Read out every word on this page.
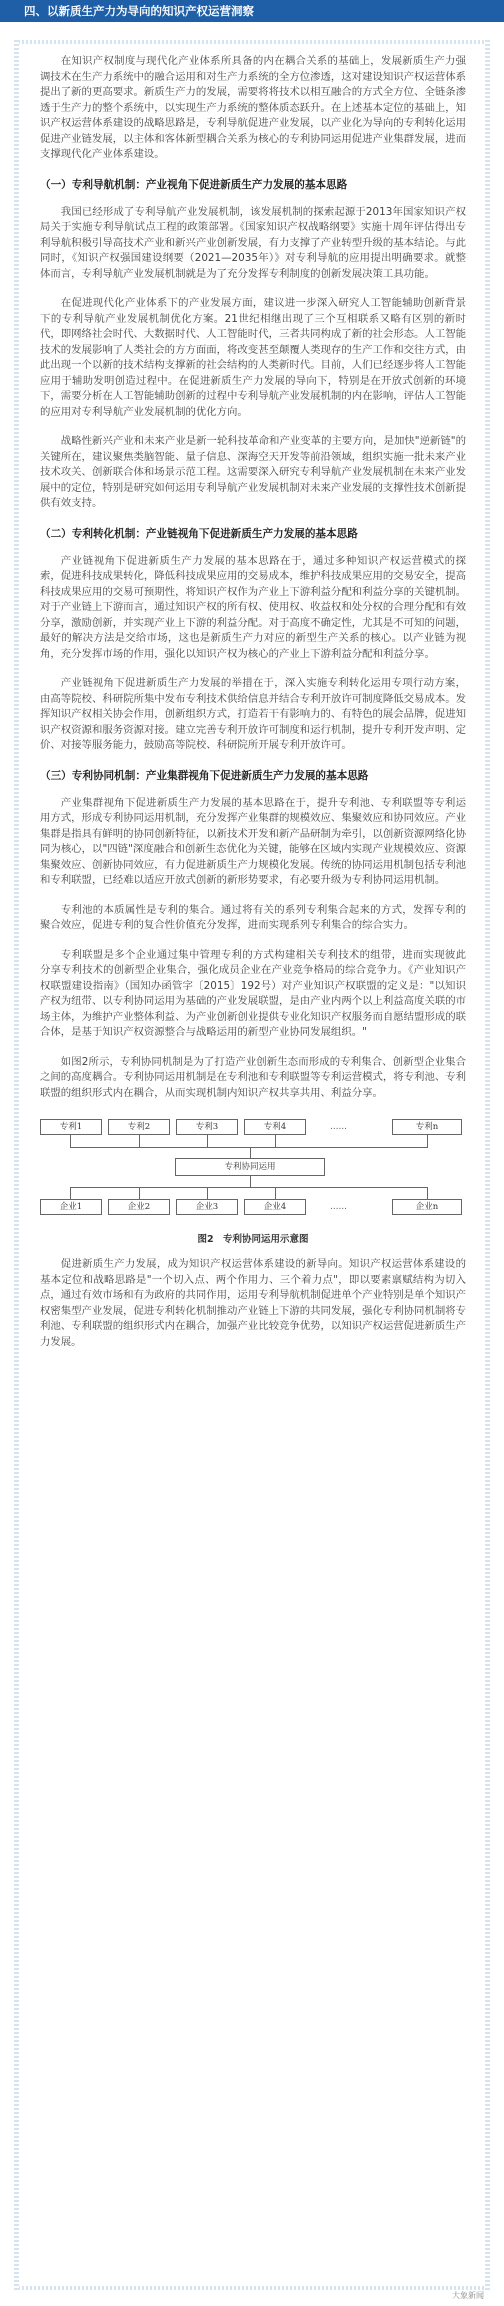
四、以新质生产力为导向的知识产权运营洞察

在知识产权制度与现代化产业体系所具备的内在耦合关系的基础上，发展新质生产力强调技术在生产力系统中的融合运用和对生产力系统的全方位渗透，这对建设知识产权运营体系提出了新的更高要求。新质生产力的发展，需要将将技术以相互融合的方式全方位、全链条渗透于生产力的整个系统中，以实现生产力系统的整体质态跃升。在上述基本定位的基础上，知识产权运营体系建设的战略思路是，专利导航促进产业发展，以产业化为导向的专利转化运用促进产业链发展，以主体和客体新型耦合关系为核心的专利协同运用促进产业集群发展，进而支撑现代化产业体系建设。

（一）专利导航机制：产业视角下促进新质生产力发展的基本思路

我国已经形成了专利导航产业发展机制，该发展机制的探索起源于2013年国家知识产权局关于实施专利导航试点工程的政策部署。《国家知识产权战略纲要》实施十周年评估得出专利导航积极引导高技术产业和新兴产业创新发展，有力支撑了产业转型升级的基本结论。与此同时，《知识产权强国建设纲要（2021—2035年）》对专利导航的应用提出明确要求。就整体而言，专利导航产业发展机制就是为了充分发挥专利制度的创新发展决策工具功能。

在促进现代化产业体系下的产业发展方面，建议进一步深入研究人工智能辅助创新背景下的专利导航产业发展机制优化方案。21世纪相继出现了三个互相联系又略有区别的新时代，即网络社会时代、大数据时代、人工智能时代，三者共同构成了新的社会形态。人工智能技术的发展影响了人类社会的方方面面，将改变甚至颠覆人类现存的生产工作和交往方式，由此出现一个以新的技术结构支撑新的社会结构的人类新时代。目前，人们已经逐步将人工智能应用于辅助发明创造过程中。在促进新质生产力发展的导向下，特别是在开放式创新的环境下，需要分析在人工智能辅助创新的过程中专利导航产业发展机制的内在影响，评估人工智能的应用对专利导航产业发展机制的优化方向。

战略性新兴产业和未来产业是新一轮科技革命和产业变革的主要方向，是加快"逆新链"的关键所在，建议聚焦类脑智能、量子信息、深海空天开发等前沿领域，组织实施一批未来产业技术攻关、创新联合体和场景示范工程。这需要深入研究专利导航产业发展机制在未来产业发展中的定位，特别是研究如何运用专利导航产业发展机制对未来产业发展的支撑性技术创新提供有效支持。

（二）专利转化机制：产业链视角下促进新质生产力发展的基本思路

产业链视角下促进新质生产力发展的基本思路在于，通过多种知识产权运营模式的探索，促进科技成果转化，降低科技成果应用的交易成本，维护科技成果应用的交易安全，提高科技成果应用的交易可预期性，将知识产权作为产业上下游利益分配和利益分享的关键机制。对于产业链上下游而言，通过知识产权的所有权、使用权、收益权和处分权的合理分配和有效分享，激励创新，并实现产业上下游的利益分配。对于高度不确定性，尤其是不可知的问题，最好的解决方法是交给市场，这也是新质生产力对应的新型生产关系的核心。以产业链为视角，充分发挥市场的作用，强化以知识产权为核心的产业上下游利益分配和利益分享。

产业链视角下促进新质生产力发展的举措在于，深入实施专利转化运用专项行动方案，由高等院校、科研院所集中发布专利技术供给信息并结合专利开放许可制度降低交易成本。发挥知识产权相关协会作用，创新组织方式，打造若干有影响力的、有特色的展会品牌，促进知识产权资源和服务资源对接。建立完善专利开放许可制度和运行机制，提升专利开发声明、定价、对接等服务能力，鼓励高等院校、科研院所开展专利开放许可。

（三）专利协同机制：产业集群视角下促进新质生产力发展的基本思路

产业集群视角下促进新质生产力发展的基本思路在于，提升专利池、专利联盟等专利运用方式，形成专利协同运用机制，充分发挥产业集群的规模效应、集聚效应和协同效应。产业集群是指具有鲜明的协同创新特征，以新技术开发和新产品研制为牵引，以创新资源网络化协同为核心，以"四链"深度融合和创新生态优化为关键，能够在区域内实现产业规模效应、资源集聚效应、创新协同效应，有力促进新质生产力规模化发展。传统的协同运用机制包括专利池和专利联盟，已经难以适应开放式创新的新形势要求，有必要升级为专利协同运用机制。

专利池的本质属性是专利的集合。通过将有关的系列专利集合起来的方式，发挥专利的聚合效应，促进专利的复合性价值充分发挥，进而实现系列专利集合的综合实力。

专利联盟是多个企业通过集中管理专利的方式构建相关专利技术的组带，进而实现彼此分享专利技术的创新型企业集合，强化成员企业在产业竞争格局的综合竞争力。《产业知识产权联盟建设指南》（国知办函管字〔2015〕192号）对产业知识产权联盟的定义是："以知识产权为纽带、以专利协同运用为基础的产业发展联盟，是由产业内两个以上利益高度关联的市场主体，为维护产业整体利益、为产业创新创业提供专业化知识产权服务而自愿结盟形成的联合体，是基于知识产权资源整合与战略运用的新型产业协同发展组织。"

如图2所示，专利协同机制是为了打造产业创新生态而形成的专利集合、创新型企业集合之间的高度耦合。专利协同运用机制是在专利池和专利联盟等专利运营模式，将专利池、专利联盟的组织形式内在耦合，从而实现机制内知识产权共享共用、利益分享。

专利1	专利2	专利3	专利4	……	专利n
专利协同运用
企业1	企业2	企业3	企业4	……	企业n
图2　专利协同运用示意图

促进新质生产力发展，成为知识产权运营体系建设的新导向。知识产权运营体系建设的基本定位和战略思路是"一个切入点、两个作用力、三个着力点"，即以要素禀赋结构为切入点，通过有效市场和有为政府的共同作用，运用专利导航机制促进单个产业特别是单个知识产权密集型产业发展，促进专利转化机制推动产业链上下游的共同发展，强化专利协同机制将专利池、专利联盟的组织形式内在耦合，加强产业比较竞争优势，以知识产权运营促进新质生产力发展。

大象新闻
